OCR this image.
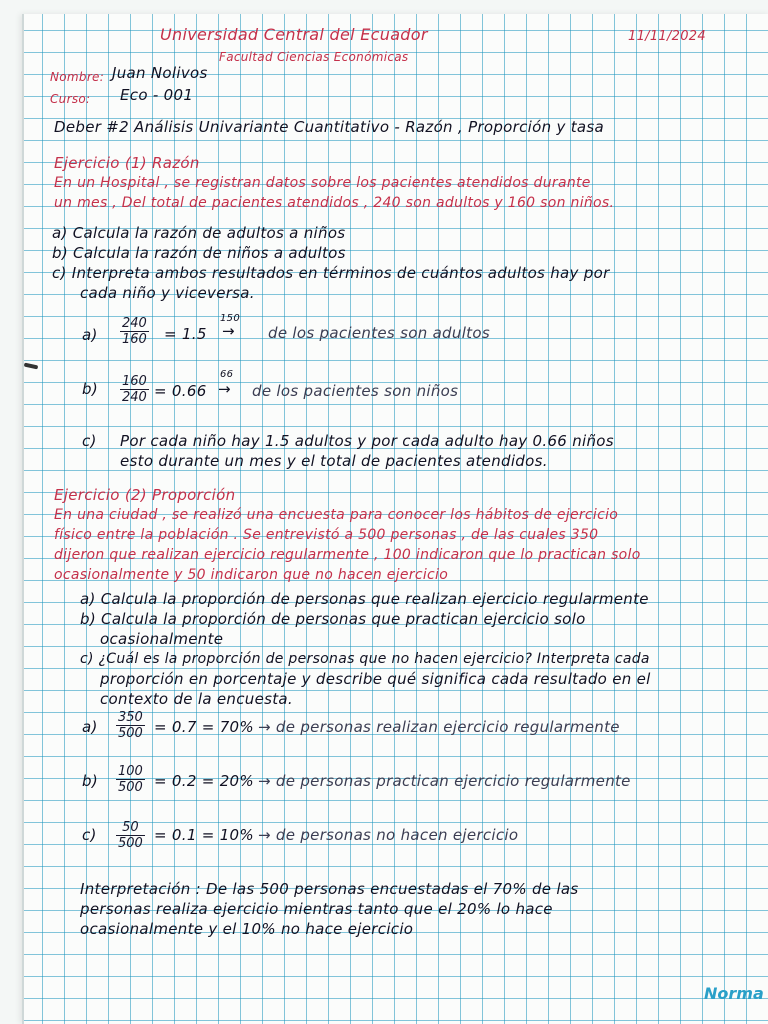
Universidad Central del Ecuador
Facultad Ciencias Económicas
11/11/2024
Nombre: Juan Nolivos
Curso: Eco - 001
Deber #2 Análisis Univariante Cuantitativo - Razón , Proporción y tasa
Ejercicio (1) Razón
En un Hospital , se registran datos sobre los pacientes atendidos durante
un mes , Del total de pacientes atendidos , 240 son adultos y 160 son niños.
a) Calcula la razón de adultos a niños
b) Calcula la razón de niños a adultos
c) Interpreta ambos resultados en términos de cuántos adultos hay por
cada niño y viceversa.
$a) \frac{240}{160} = 1.5$
150
→ de los pacientes son adultos
$b) \frac{160}{240} = 0.66$
66
→ de los pacientes son niños
c) Por cada niño hay 1.5 adultos y por cada adulto hay 0.66 niños
esto durante un mes y el total de pacientes atendidos.
Ejercicio (2) Proporción
En una ciudad , se realizó una encuesta para conocer los hábitos de ejercicio
físico entre la población . Se entrevistó a 500 personas , de las cuales 350
dijeron que realizan ejercicio regularmente , 100 indicaron que lo practican solo
ocasionalmente y 50 indicaron que no hacen ejercicio
a) Calcula la proporción de personas que realizan ejercicio regularmente
b) Calcula la proporción de personas que practican ejercicio solo
ocasionalmente
c) ¿Cuál es la proporción de personas que no hacen ejercicio? Interpreta cada
proporción en porcentaje y describe qué significa cada resultado en el
contexto de la encuesta.
$a) \frac{350}{500} = 0.7 = 70\%$ → de personas realizan ejercicio regularmente
$b) \frac{100}{500} = 0.2 = 20\%$ → de personas practican ejercicio regularmente
$c) \frac{50}{500} = 0.1 = 10\%$ → de personas no hacen ejercicio
Interpretación : De las 500 personas encuestadas el 70% de las
personas realiza ejercicio mientras tanto que el 20% lo hace
ocasionalmente y el 10% no hace ejercicio
Norma
